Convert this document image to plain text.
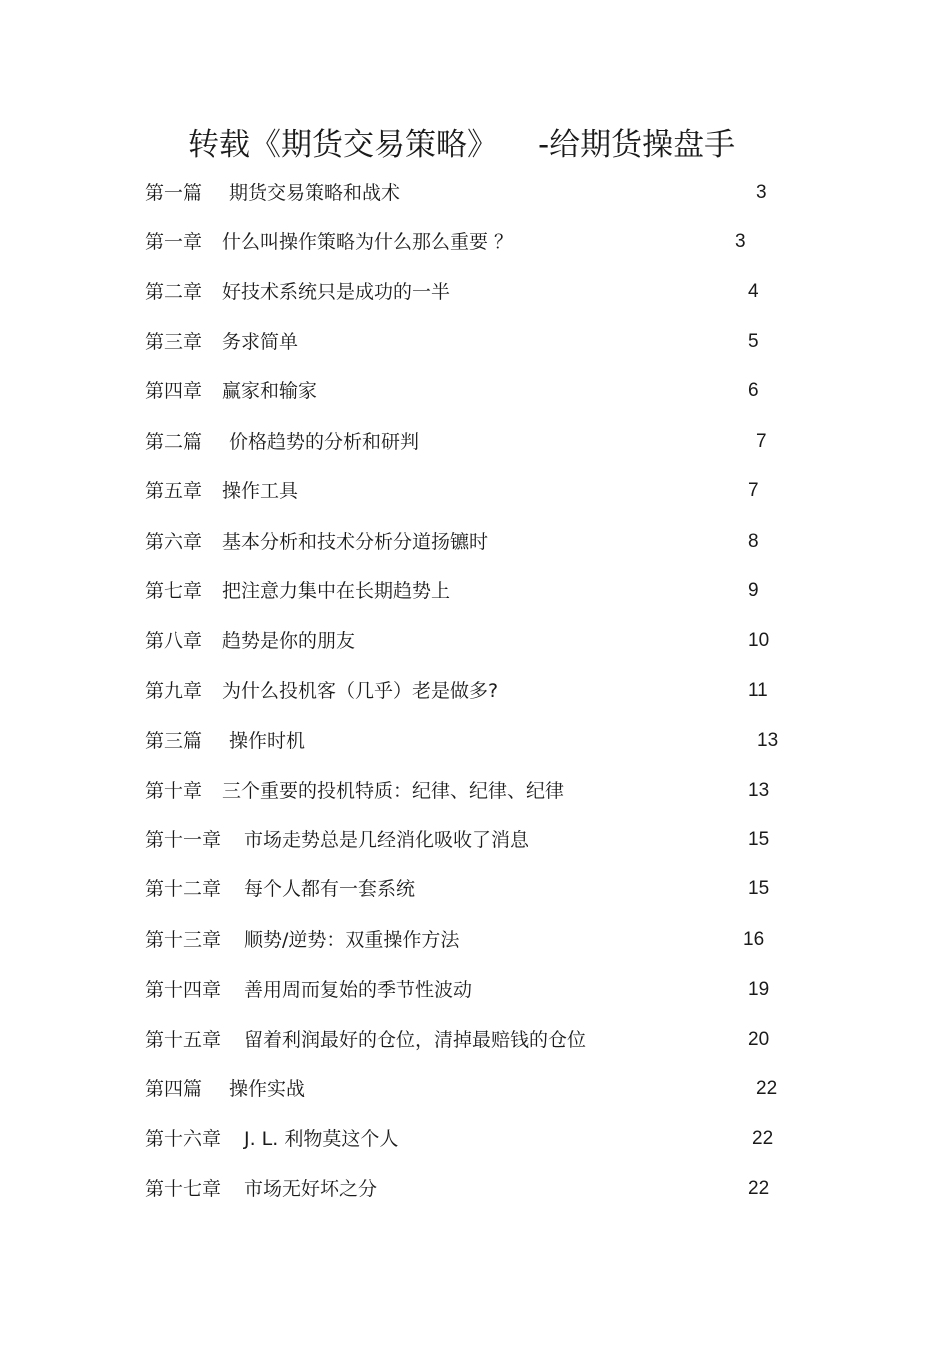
转载《期货交易策略》 -给期货操盘手
第一篇 期货交易策略和战术	3
第一章 什么叫操作策略为什么那么重要 ？	3
第二章 好技术系统只是成功的一半	4
第三章 务求简单	5
第四章 赢家和输家	6
第二篇 价格趋势的分析和研判	7
第五章 操作工具	7
第六章 基本分析和技术分析分道扬镳时	8
第七章 把注意力集中在长期趋势上	9
第八章 趋势是你的朋友	10
第九章 为什么投机客（几乎）老是做多?	11
第三篇 操作时机	13
第十章 三个重要的投机特质：纪律、纪律、纪律	13
第十一章 市场走势总是几经消化吸收了消息	15
第十二章 每个人都有一套系统	15
第十三章 顺势/逆势：双重操作方法	16
第十四章 善用周而复始的季节性波动	19
第十五章 留着利润最好的仓位，清掉最赔钱的仓位	20
第四篇 操作实战	22
第十六章 J. L. 利物莫这个人	22
第十七章 市场无好坏之分	22
